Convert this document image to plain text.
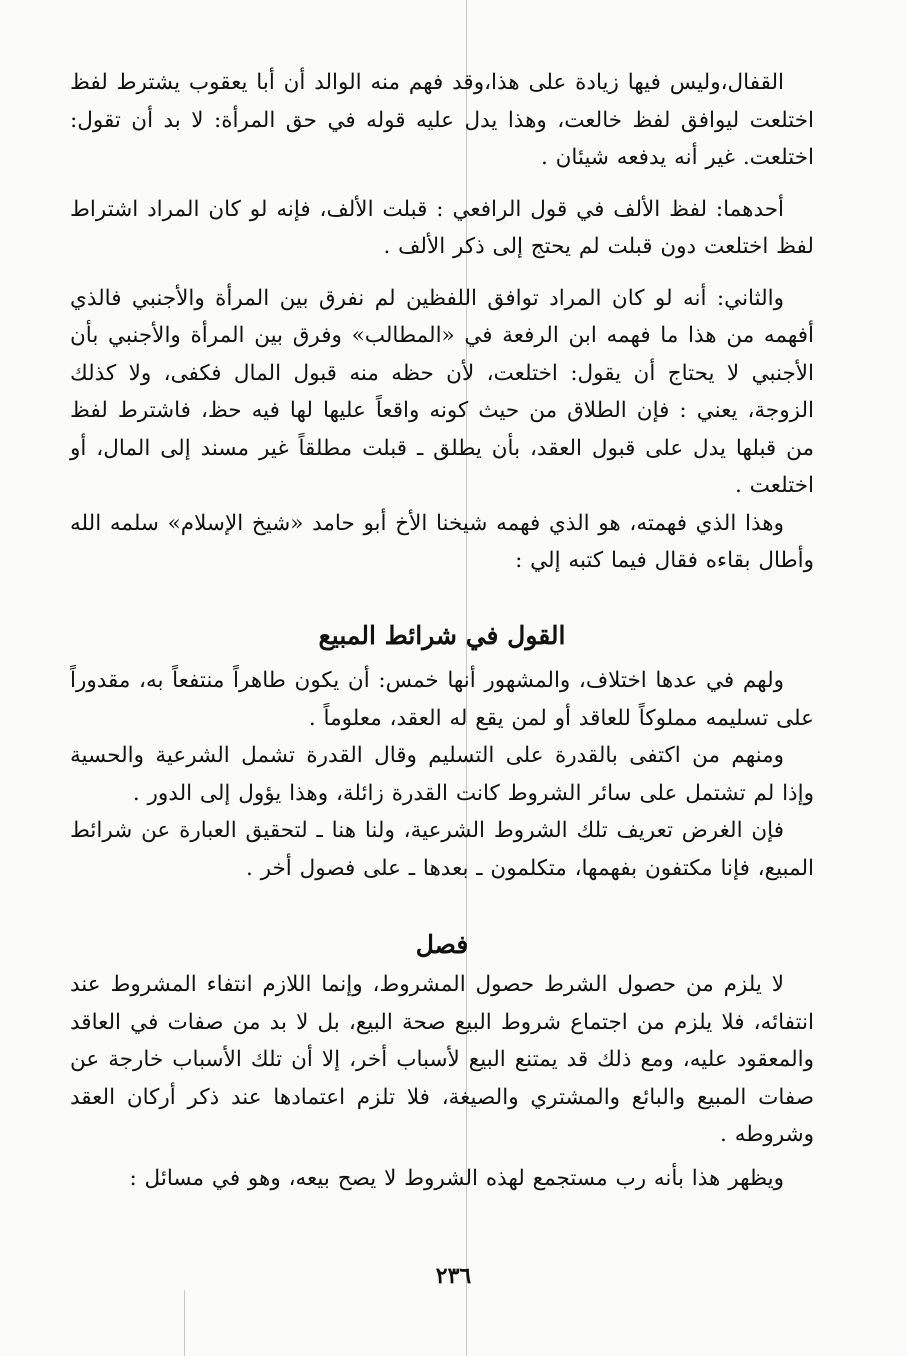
القفال،وليس فيها زيادة على هذا،وقد فهم منه الوالد أن أبا يعقوب يشترط لفظ اختلعت ليوافق لفظ خالعت، وهذا يدل عليه قوله في حق المرأة: لا بد أن تقول: اختلعت. غير أنه يدفعه شيئان .

أحدهما: لفظ الألف في قول الرافعي : قبلت الألف، فإنه لو كان المراد اشتراط لفظ اختلعت دون قبلت لم يحتج إلى ذكر الألف .

والثاني: أنه لو كان المراد توافق اللفظين لم نفرق بين المرأة والأجنبي فالذي أفهمه من هذا ما فهمه ابن الرفعة في «المطالب» وفرق بين المرأة والأجنبي بأن الأجنبي لا يحتاج أن يقول: اختلعت، لأن حظه منه قبول المال فكفى، ولا كذلك الزوجة، يعني : فإن الطلاق من حيث كونه واقعاً عليها لها فيه حظ، فاشترط لفظ من قبلها يدل على قبول العقد، بأن يطلق ـ قبلت مطلقاً غير مسند إلى المال، أو اختلعت .

وهذا الذي فهمته، هو الذي فهمه شيخنا الأخ أبو حامد «شيخ الإسلام» سلمه الله وأطال بقاءه فقال فيما كتبه إلي :

القول في شرائط المبيع

ولهم في عدها اختلاف، والمشهور أنها خمس: أن يكون طاهراً منتفعاً به، مقدوراً على تسليمه مملوكاً للعاقد أو لمن يقع له العقد، معلوماً .

ومنهم من اكتفى بالقدرة على التسليم وقال القدرة تشمل الشرعية والحسية وإذا لم تشتمل على سائر الشروط كانت القدرة زائلة، وهذا يؤول إلى الدور .

فإن الغرض تعريف تلك الشروط الشرعية، ولنا هنا ـ لتحقيق العبارة عن شرائط المبيع، فإنا مكتفون بفهمها، متكلمون ـ بعدها ـ على فصول أخر .

فصل

لا يلزم من حصول الشرط حصول المشروط، وإنما اللازم انتفاء المشروط عند انتفائه، فلا يلزم من اجتماع شروط البيع صحة البيع، بل لا بد من صفات في العاقد والمعقود عليه، ومع ذلك قد يمتنع البيع لأسباب أخر، إلا أن تلك الأسباب خارجة عن صفات المبيع والبائع والمشتري والصيغة، فلا تلزم اعتمادها عند ذكر أركان العقد وشروطه .

ويظهر هذا بأنه رب مستجمع لهذه الشروط لا يصح بيعه، وهو في مسائل :

٢٣٦
